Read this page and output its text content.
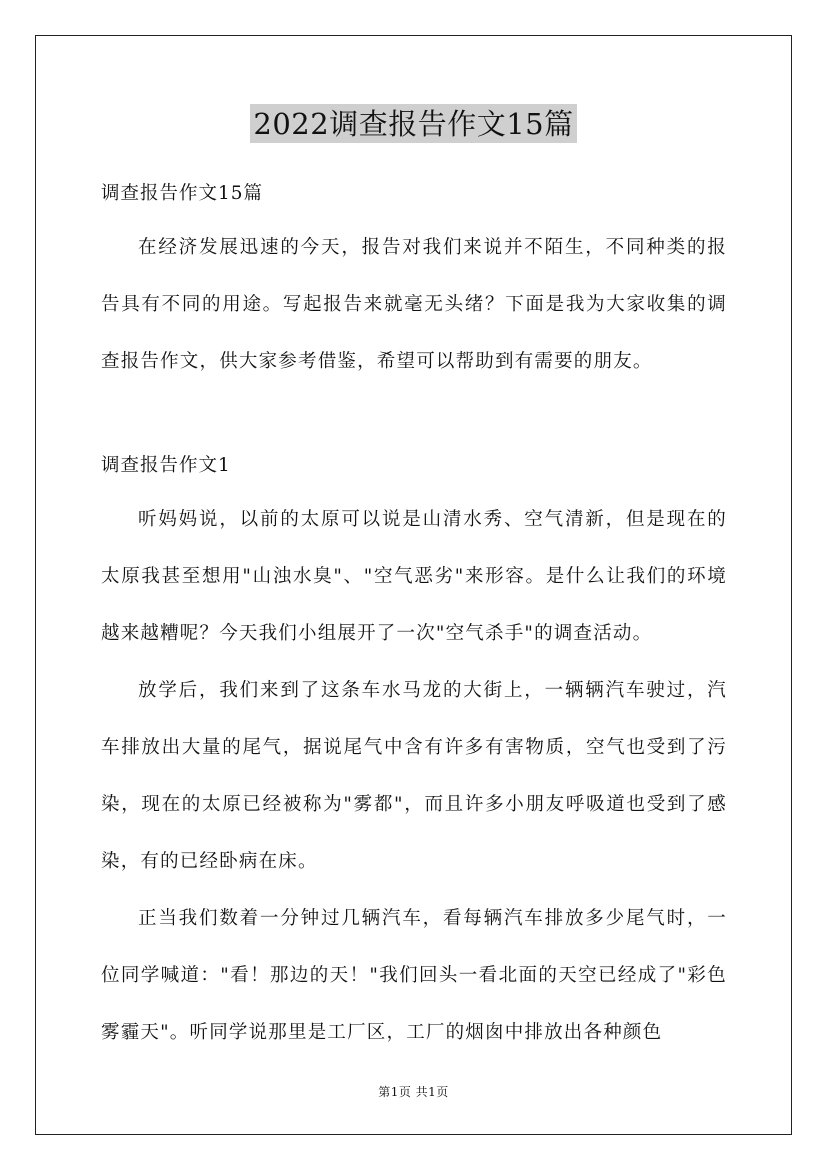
2022调查报告作文15篇

调查报告作文15篇

在经济发展迅速的今天，报告对我们来说并不陌生，不同种类的报告具有不同的用途。写起报告来就毫无头绪？下面是我为大家收集的调查报告作文，供大家参考借鉴，希望可以帮助到有需要的朋友。

调查报告作文1

听妈妈说，以前的太原可以说是山清水秀、空气清新，但是现在的太原我甚至想用"山浊水臭"、"空气恶劣"来形容。是什么让我们的环境越来越糟呢？今天我们小组展开了一次"空气杀手"的调查活动。

放学后，我们来到了这条车水马龙的大街上，一辆辆汽车驶过，汽车排放出大量的尾气，据说尾气中含有许多有害物质，空气也受到了污染，现在的太原已经被称为"雾都"，而且许多小朋友呼吸道也受到了感染，有的已经卧病在床。

正当我们数着一分钟过几辆汽车，看每辆汽车排放多少尾气时，一位同学喊道："看！那边的天！"我们回头一看北面的天空已经成了"彩色雾霾天"。听同学说那里是工厂区，工厂的烟囱中排放出各种颜色

第1页 共1页
